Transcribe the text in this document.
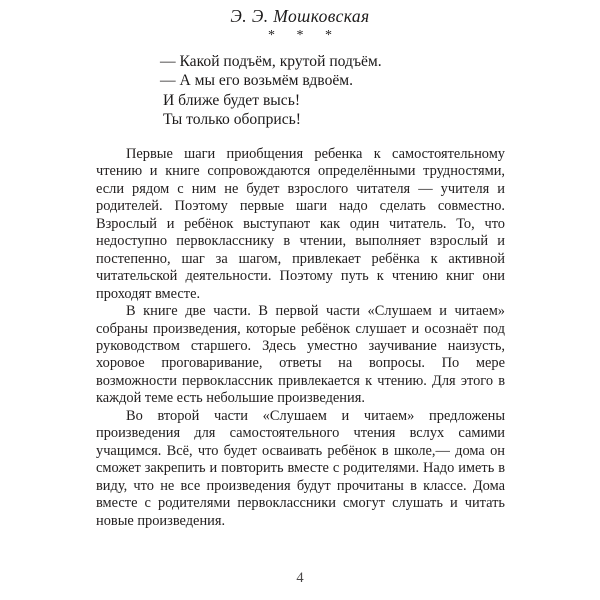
Э. Э. Мошковская
* * *
— Какой подъём, крутой подъём.
— А мы его возьмём вдвоём.
И ближе будет высь!
Ты только обопрись!

Первые шаги приобщения ребенка к самостоятельному чтению и книге сопровождаются определёнными трудностями, если рядом с ним не будет взрослого читателя — учителя и родителей. Поэтому первые шаги надо сделать совместно. Взрослый и ребёнок выступают как один читатель. То, что недоступно первокласснику в чтении, выполняет взрослый и постепенно, шаг за шагом, привлекает ребёнка к активной читательской деятельности. Поэтому путь к чтению книг они проходят вместе.

В книге две части. В первой части «Слушаем и читаем» собраны произведения, которые ребёнок слушает и осознаёт под руководством старшего. Здесь уместно заучивание наизусть, хоровое проговаривание, ответы на вопросы. По мере возможности первоклассник привлекается к чтению. Для этого в каждой теме есть небольшие произведения.

Во второй части «Слушаем и читаем» предложены произведения для самостоятельного чтения вслух самими учащимся. Всё, что будет осваивать ребёнок в школе,— дома он сможет закрепить и повторить вместе с родителями. Надо иметь в виду, что не все произведения будут прочитаны в классе. Дома вместе с родителями первоклассники смогут слушать и читать новые произведения.

4
